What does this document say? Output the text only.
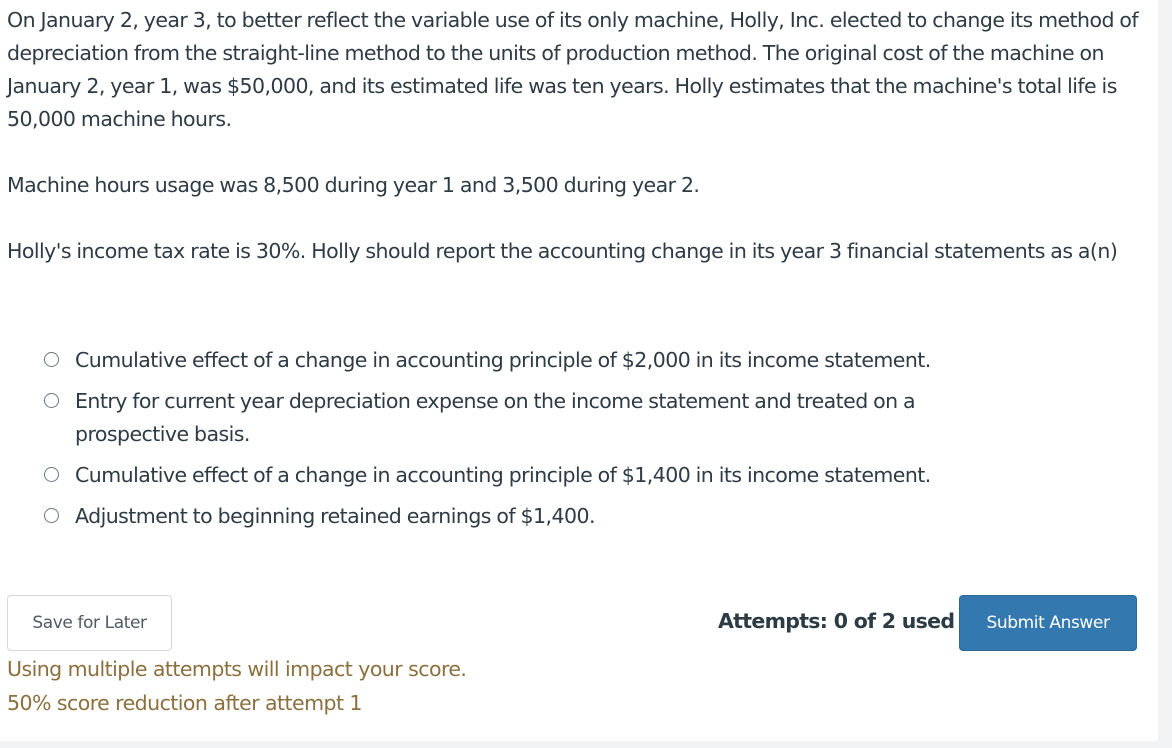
On January 2, year 3, to better reflect the variable use of its only machine, Holly, Inc. elected to change its method of depreciation from the straight-line method to the units of production method. The original cost of the machine on January 2, year 1, was $50,000, and its estimated life was ten years. Holly estimates that the machine's total life is 50,000 machine hours.

Machine hours usage was 8,500 during year 1 and 3,500 during year 2.

Holly's income tax rate is 30%. Holly should report the accounting change in its year 3 financial statements as a(n)

Cumulative effect of a change in accounting principle of $2,000 in its income statement.
Entry for current year depreciation expense on the income statement and treated on a prospective basis.
Cumulative effect of a change in accounting principle of $1,400 in its income statement.
Adjustment to beginning retained earnings of $1,400.
Save for Later	Attempts: 0 of 2 used	Submit Answer
Using multiple attempts will impact your score.
50% score reduction after attempt 1
